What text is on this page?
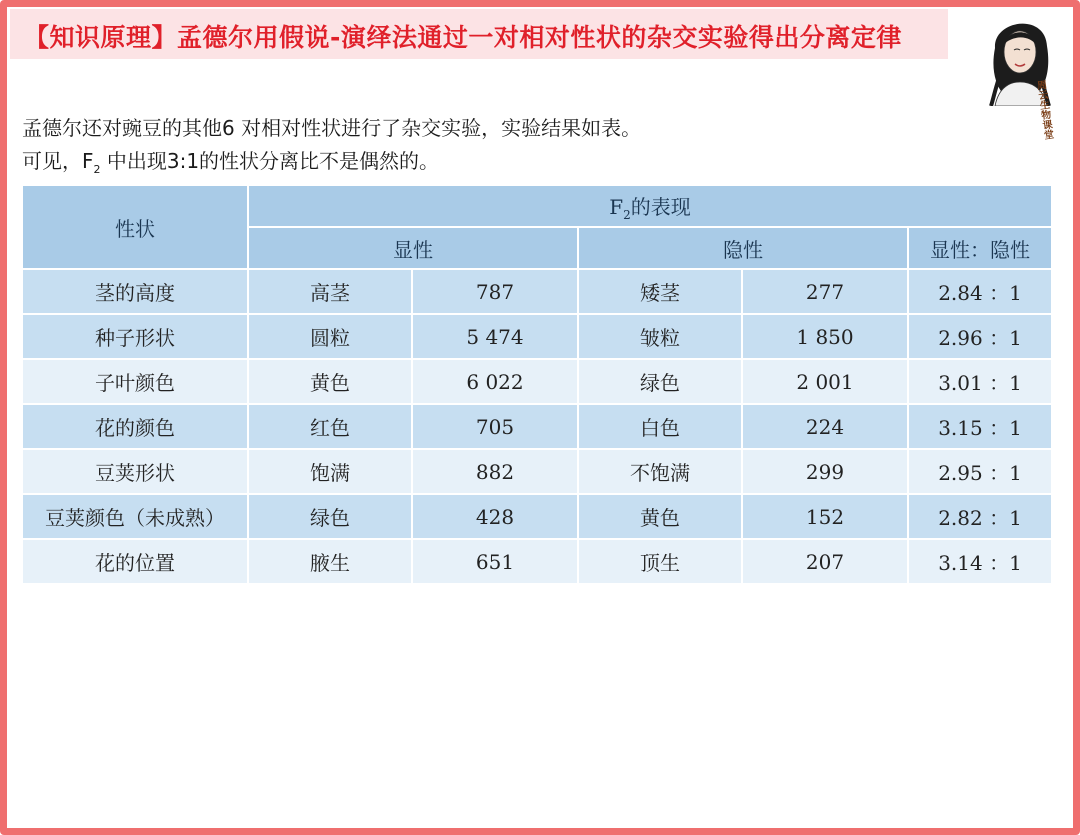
【知识原理】孟德尔用假说-演绎法通过一对相对性状的杂交实验得出分离定律
周云生物课堂
孟德尔还对豌豆的其他6 对相对性状进行了杂交实验，实验结果如表。
可见，$F_2$ 中出现3:1的性状分离比不是偶然的。
性状	$F_2$的表现				
	显性		隐性		显性：隐性
茎的高度	高茎	787	矮茎	277	2.84 ：1
种子形状	圆粒	5 474	皱粒	1 850	2.96 ：1
子叶颜色	黄色	6 022	绿色	2 001	3.01 ：1
花的颜色	红色	705	白色	224	3.15 ：1
豆荚形状	饱满	882	不饱满	299	2.95 ：1
豆荚颜色（未成熟）	绿色	428	黄色	152	2.82 ：1
花的位置	腋生	651	顶生	207	3.14 ：1
